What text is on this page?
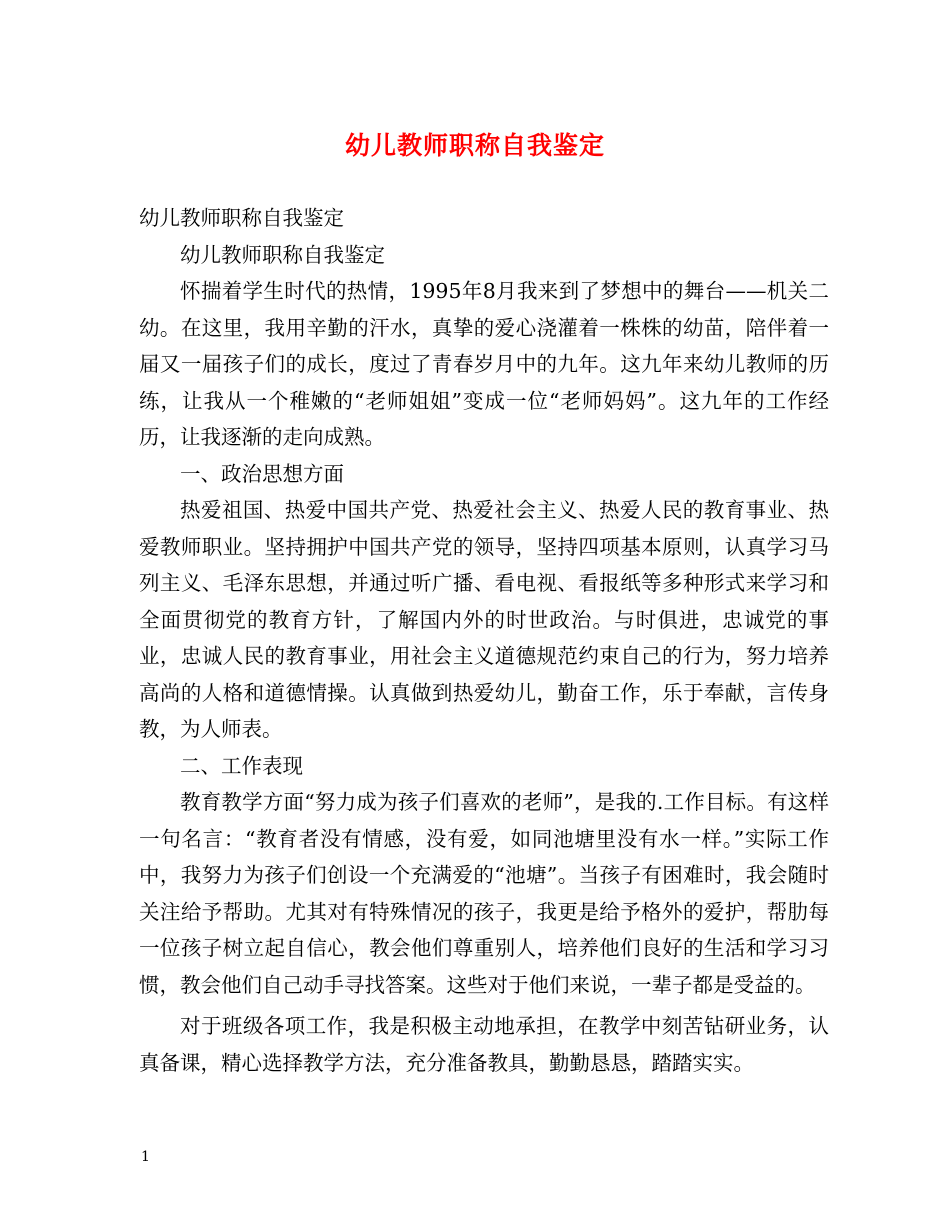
幼儿教师职称自我鉴定

幼儿教师职称自我鉴定

幼儿教师职称自我鉴定

怀揣着学生时代的热情，1995年8月我来到了梦想中的舞台——机关二幼。在这里，我用辛勤的汗水，真挚的爱心浇灌着一株株的幼苗，陪伴着一届又一届孩子们的成长，度过了青春岁月中的九年。这九年来幼儿教师的历练，让我从一个稚嫩的“老师姐姐”变成一位“老师妈妈”。这九年的工作经历，让我逐渐的走向成熟。

一、政治思想方面

热爱祖国、热爱中国共产党、热爱社会主义、热爱人民的教育事业、热爱教师职业。坚持拥护中国共产党的领导，坚持四项基本原则，认真学习马列主义、毛泽东思想，并通过听广播、看电视、看报纸等多种形式来学习和全面贯彻党的教育方针，了解国内外的时世政治。与时俱进，忠诚党的事业，忠诚人民的教育事业，用社会主义道德规范约束自己的行为，努力培养高尚的人格和道德情操。认真做到热爱幼儿，勤奋工作，乐于奉献，言传身教，为人师表。

二、工作表现

教育教学方面“努力成为孩子们喜欢的老师”，是我的.工作目标。有这样一句名言：“教育者没有情感，没有爱，如同池塘里没有水一样。”实际工作中，我努力为孩子们创设一个充满爱的“池塘”。当孩子有困难时，我会随时关注给予帮助。尤其对有特殊情况的孩子，我更是给予格外的爱护，帮肋每一位孩子树立起自信心，教会他们尊重别人，培养他们良好的生活和学习习惯，教会他们自己动手寻找答案。这些对于他们来说，一辈子都是受益的。

对于班级各项工作，我是积极主动地承担，在教学中刻苦钻研业务，认真备课，精心选择教学方法，充分准备教具，勤勤恳恳，踏踏实实。

1
